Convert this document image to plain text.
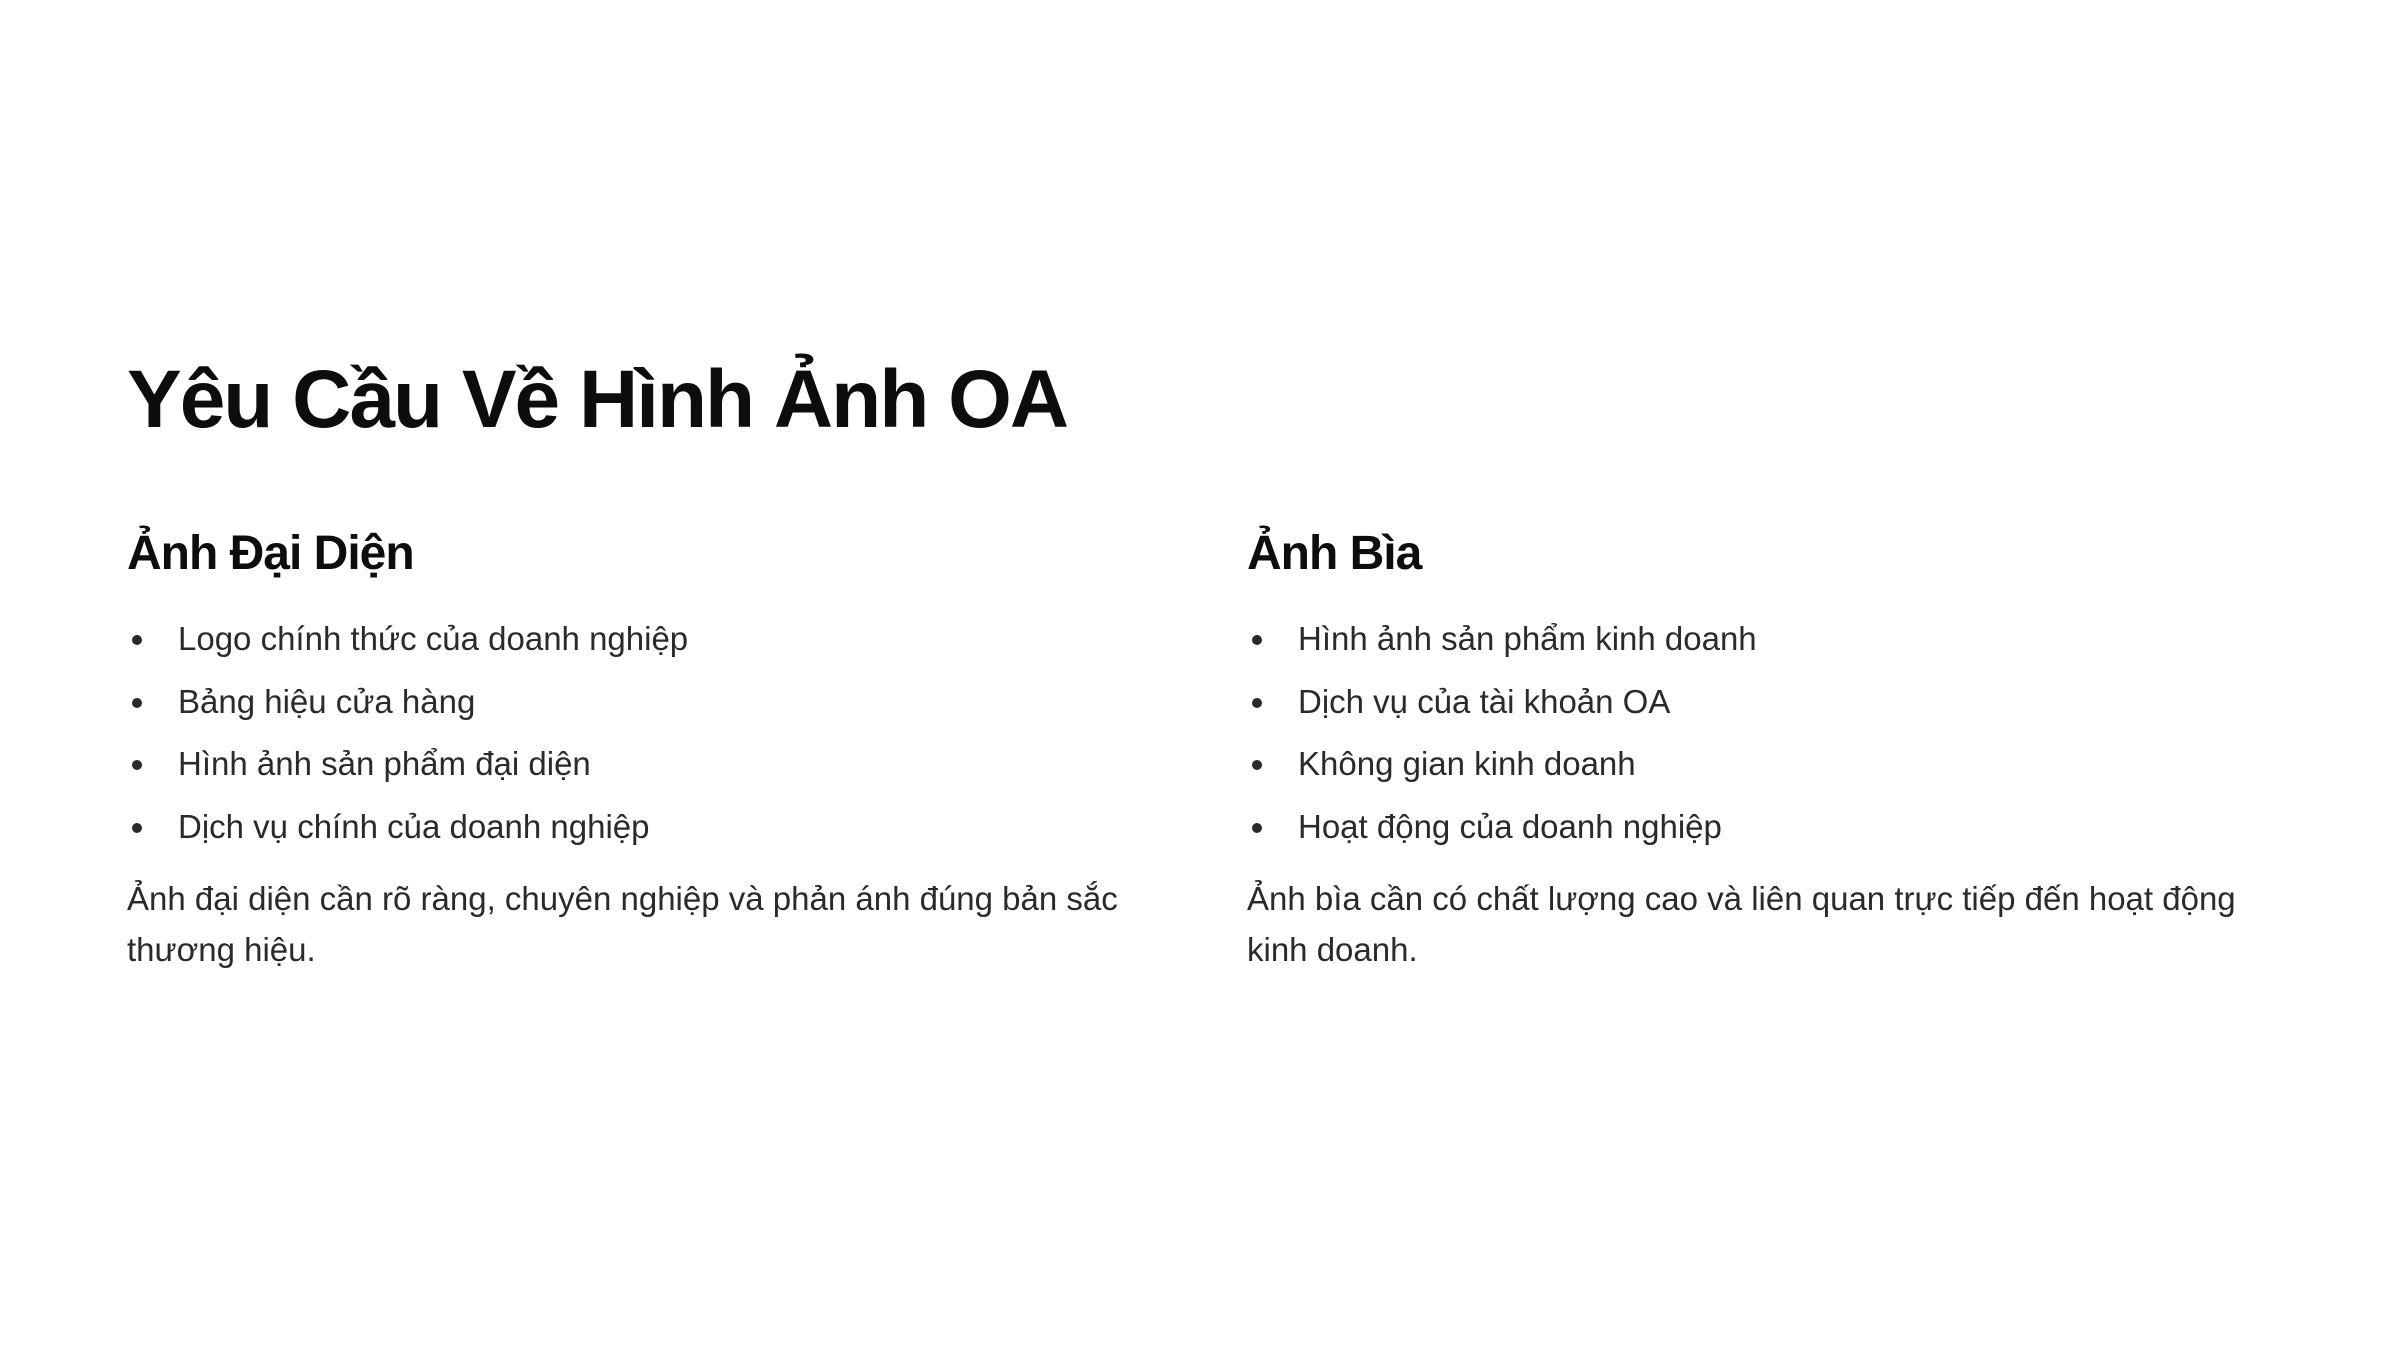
Yêu Cầu Về Hình Ảnh OA
Ảnh Đại Diện
Logo chính thức của doanh nghiệp
Bảng hiệu cửa hàng
Hình ảnh sản phẩm đại diện
Dịch vụ chính của doanh nghiệp

Ảnh đại diện cần rõ ràng, chuyên nghiệp và phản ánh đúng bản sắc thương hiệu.

Ảnh Bìa
Hình ảnh sản phẩm kinh doanh
Dịch vụ của tài khoản OA
Không gian kinh doanh
Hoạt động của doanh nghiệp

Ảnh bìa cần có chất lượng cao và liên quan trực tiếp đến hoạt động kinh doanh.
